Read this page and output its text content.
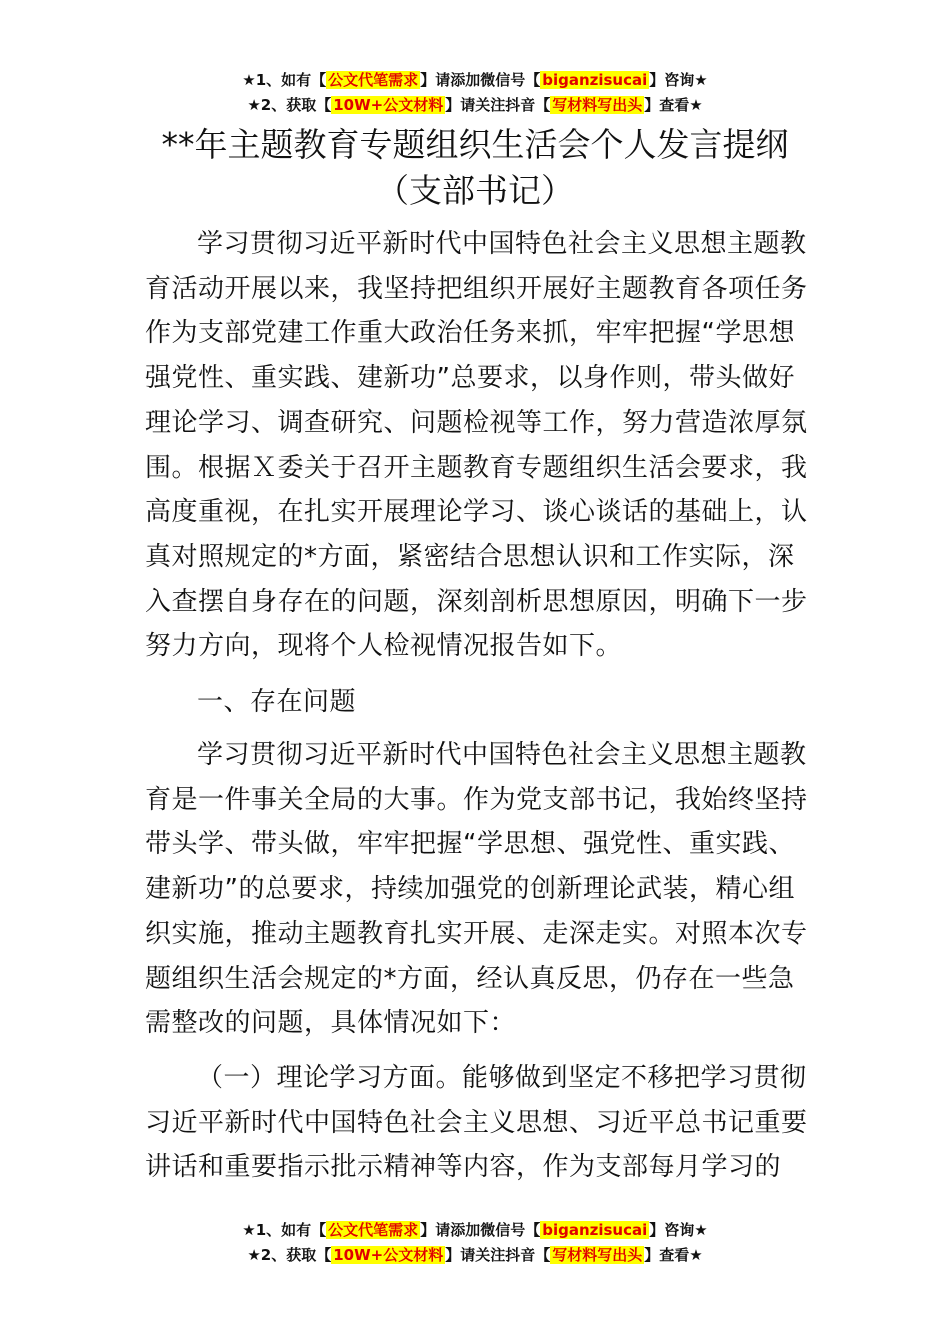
★1、如有【 公文代笔需求 】请添加微信号【 biganzisucai 】咨询★
★2、获取【 10W+公文材料 】请关注抖音【 写材料写出头 】查看★
**年主题教育专题组织生活会个人发言提纲
（支部书记）

学习贯彻习近平新时代中国特色社会主义思想主题教育活动开展以来，我坚持把组织开展好主题教育各项任务作为支部党建工作重大政治任务来抓，牢牢把握“学思想强党性、重实践、建新功”总要求，以身作则，带头做好理论学习、调查研究、问题检视等工作，努力营造浓厚氛围。根据Ｘ委关于召开主题教育专题组织生活会要求，我高度重视，在扎实开展理论学习、谈心谈话的基础上，认真对照规定的*方面，紧密结合思想认识和工作实际，深入查摆自身存在的问题，深刻剖析思想原因，明确下一步努力方向，现将个人检视情况报告如下。

一、存在问题

学习贯彻习近平新时代中国特色社会主义思想主题教育是一件事关全局的大事。作为党支部书记，我始终坚持带头学、带头做，牢牢把握“学思想、强党性、重实践、建新功”的总要求，持续加强党的创新理论武装，精心组织实施，推动主题教育扎实开展、走深走实。对照本次专题组织生活会规定的*方面，经认真反思，仍存在一些急需整改的问题，具体情况如下：

（一）理论学习方面。能够做到坚定不移把学习贯彻习近平新时代中国特色社会主义思想、习近平总书记重要讲话和重要指示批示精神等内容，作为支部每月学习的

★1、如有【 公文代笔需求 】请添加微信号【 biganzisucai 】咨询★
★2、获取【 10W+公文材料 】请关注抖音【 写材料写出头 】查看★
